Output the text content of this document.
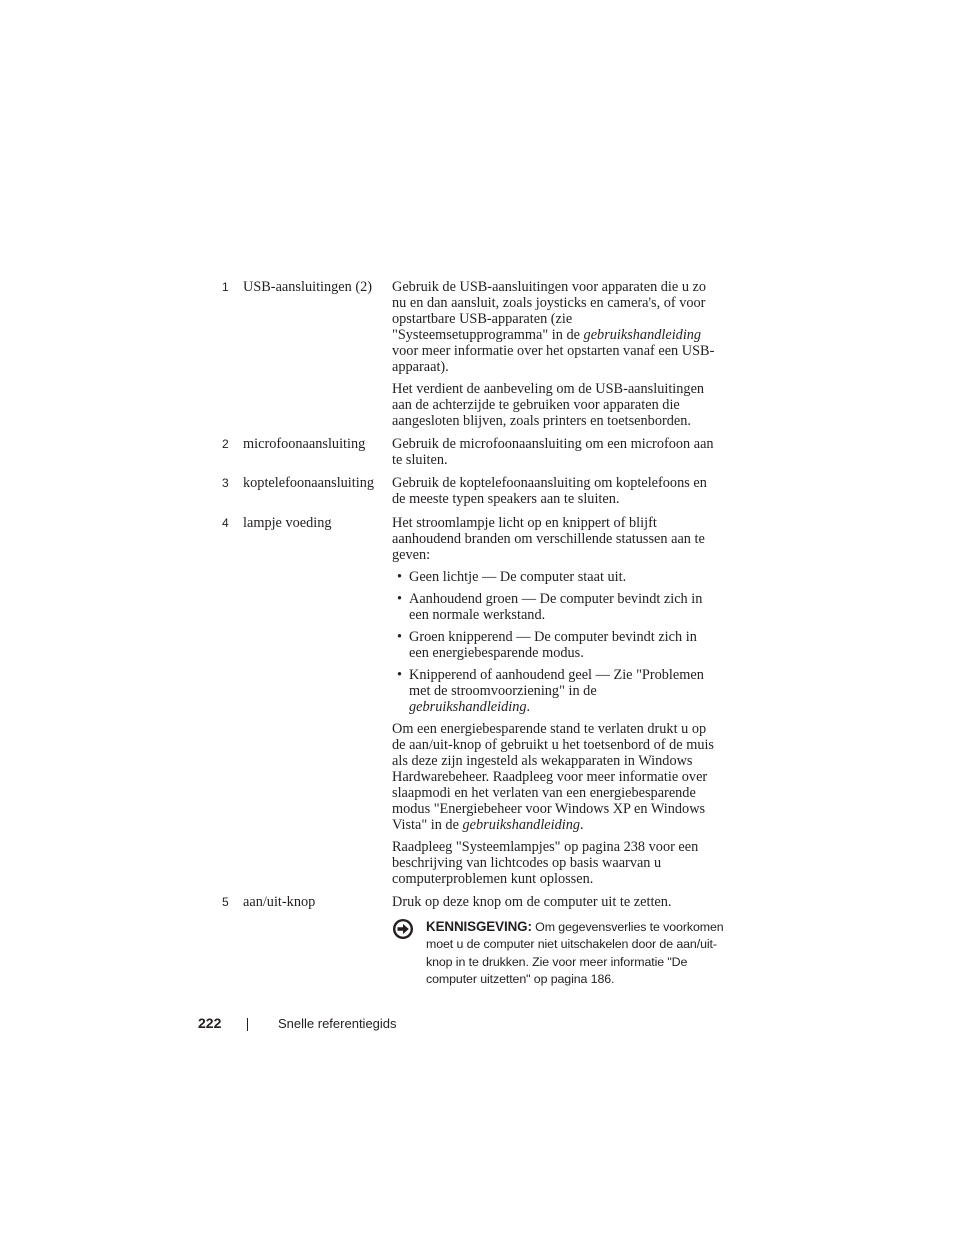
1	USB-aansluitingen (2)	Gebruik de USB-aansluitingen voor apparaten die u zo nu en dan aansluit, zoals joysticks en camera's, of voor opstartbare USB-apparaten (zie "Systeemsetupprogramma" in de gebruikshandleiding voor meer informatie over het opstarten vanaf een USB-apparaat).

Het verdient de aanbeveling om de USB-aansluitingen aan de achterzijde te gebruiken voor apparaten die aangesloten blijven, zoals printers en toetsenborden.

2	microfoonaansluiting	Gebruik de microfoonaansluiting om een microfoon aan te sluiten.

3	koptelefoonaansluiting	Gebruik de koptelefoonaansluiting om koptelefoons en de meeste typen speakers aan te sluiten.

4	lampje voeding	Het stroomlampje licht op en knippert of blijft aanhoudend branden om verschillende statussen aan te geven:

• Geen lichtje — De computer staat uit.
• Aanhoudend groen — De computer bevindt zich in een normale werkstand.
• Groen knipperend — De computer bevindt zich in een energiebesparende modus.
• Knipperend of aanhoudend geel — Zie "Problemen met de stroomvoorziening" in de gebruikshandleiding.

Om een energiebesparende stand te verlaten drukt u op de aan/uit-knop of gebruikt u het toetsenbord of de muis als deze zijn ingesteld als wekapparaten in Windows Hardwarebeheer. Raadpleeg voor meer informatie over slaapmodi en het verlaten van een energiebesparende modus "Energiebeheer voor Windows XP en Windows Vista" in de gebruikshandleiding.

Raadpleeg "Systeemlampjes" op pagina 238 voor een beschrijving van lichtcodes op basis waarvan u computerproblemen kunt oplossen.

5	aan/uit-knop	Druk op deze knop om de computer uit te zetten.

KENNISGEVING: Om gegevensverlies te voorkomen moet u de computer niet uitschakelen door de aan/uit-knop in te drukken. Zie voor meer informatie "De computer uitzetten" op pagina 186.
222	Snelle referentiegids
